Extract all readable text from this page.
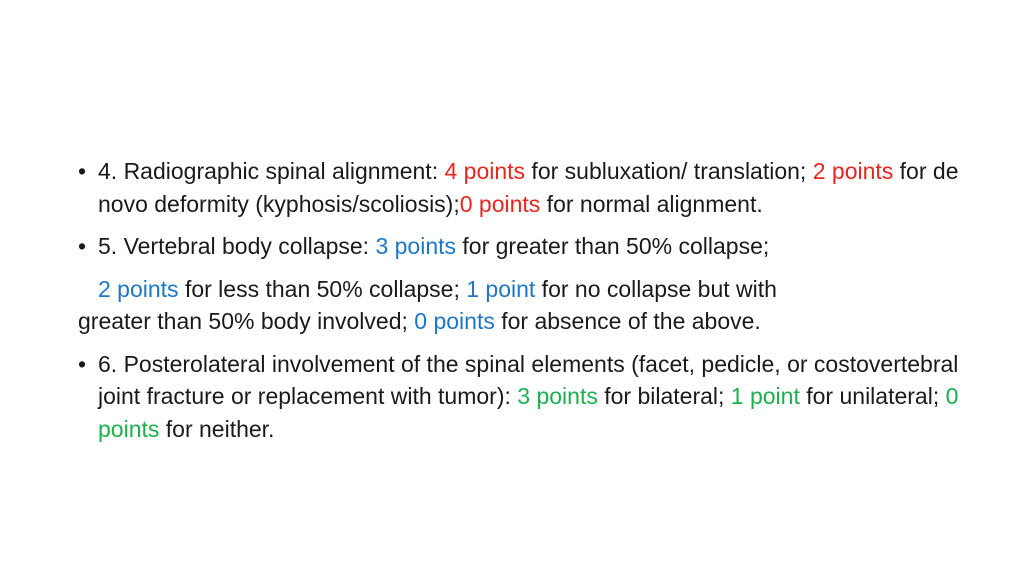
• 4. Radiographic spinal alignment: 4 points for subluxation/ translation; 2 points for de novo deformity (kyphosis/scoliosis);0 points for normal alignment.
• 5. Vertebral body collapse: 3 points for greater than 50% collapse;
2 points for less than 50% collapse; 1 point for no collapse but with
greater than 50% body involved; 0 points for absence of the above.
• 6. Posterolateral involvement of the spinal elements (facet, pedicle, or costovertebral joint fracture or replacement with tumor): 3 points for bilateral; 1 point for unilateral; 0 points for neither.
